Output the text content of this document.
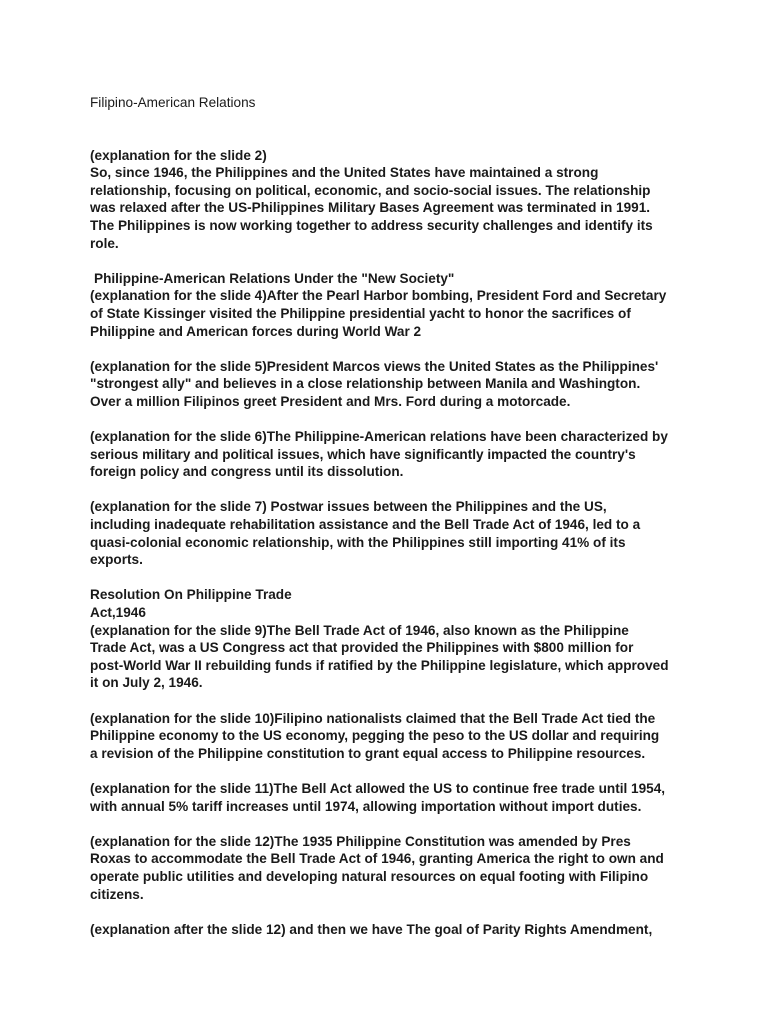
Filipino-American Relations

(explanation for the slide 2)
So, since 1946, the Philippines and the United States have maintained a strong
relationship, focusing on political, economic, and socio-social issues. The relationship
was relaxed after the US-Philippines Military Bases Agreement was terminated in 1991.
The Philippines is now working together to address security challenges and identify its
role.

Philippine-American Relations Under the "New Society"
(explanation for the slide 4)After the Pearl Harbor bombing, President Ford and Secretary
of State Kissinger visited the Philippine presidential yacht to honor the sacrifices of
Philippine and American forces during World War 2

(explanation for the slide 5)President Marcos views the United States as the Philippines'
"strongest ally" and believes in a close relationship between Manila and Washington.
Over a million Filipinos greet President and Mrs. Ford during a motorcade.

(explanation for the slide 6)The Philippine-American relations have been characterized by
serious military and political issues, which have significantly impacted the country's
foreign policy and congress until its dissolution.

(explanation for the slide 7) Postwar issues between the Philippines and the US,
including inadequate rehabilitation assistance and the Bell Trade Act of 1946, led to a
quasi-colonial economic relationship, with the Philippines still importing 41% of its
exports.

Resolution On Philippine Trade
Act,1946
(explanation for the slide 9)The Bell Trade Act of 1946, also known as the Philippine
Trade Act, was a US Congress act that provided the Philippines with $800 million for
post-World War II rebuilding funds if ratified by the Philippine legislature, which approved
it on July 2, 1946.

(explanation for the slide 10)Filipino nationalists claimed that the Bell Trade Act tied the
Philippine economy to the US economy, pegging the peso to the US dollar and requiring
a revision of the Philippine constitution to grant equal access to Philippine resources.

(explanation for the slide 11)The Bell Act allowed the US to continue free trade until 1954,
with annual 5% tariff increases until 1974, allowing importation without import duties.

(explanation for the slide 12)The 1935 Philippine Constitution was amended by Pres
Roxas to accommodate the Bell Trade Act of 1946, granting America the right to own and
operate public utilities and developing natural resources on equal footing with Filipino
citizens.

(explanation after the slide 12) and then we have The goal of Parity Rights Amendment,
